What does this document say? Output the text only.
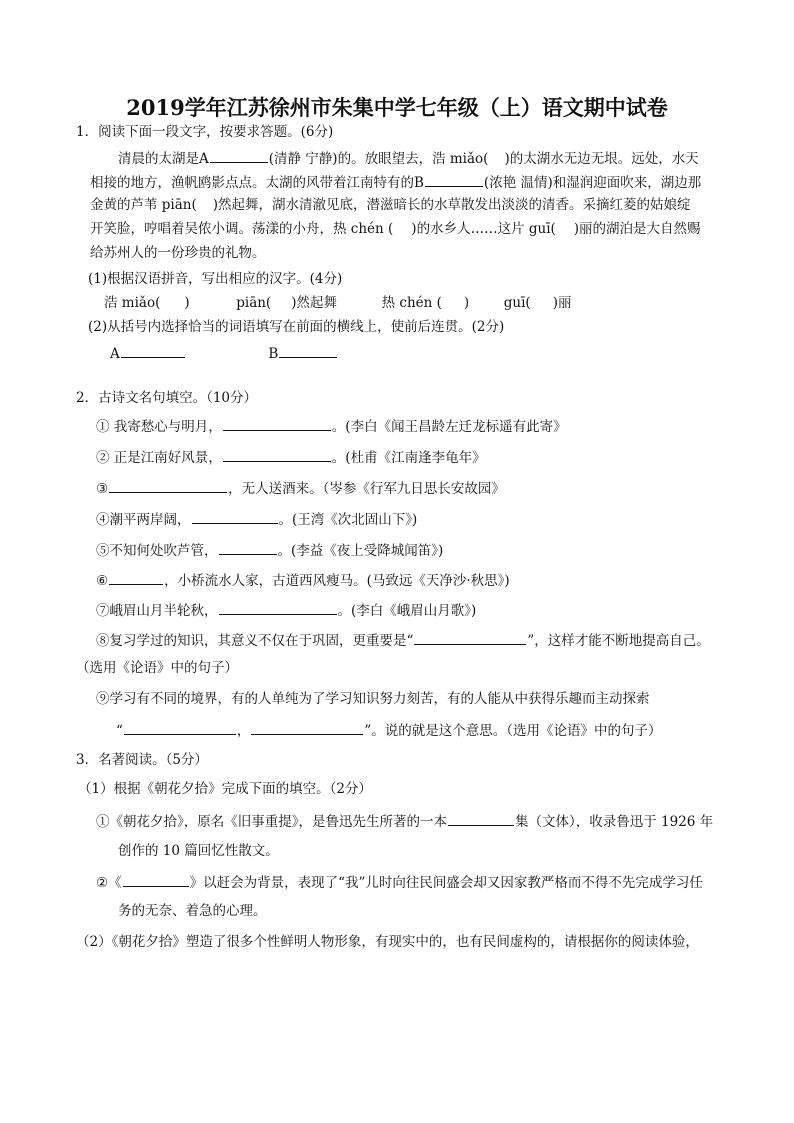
2019学年江苏徐州市朱集中学七年级（上）语文期中试卷
1．阅读下面一段文字，按要求答题。(6分)
清晨的太湖是A	(清静 宁静)的。放眼望去，浩 miǎo( )的太湖水无边无垠。远处，水天
相接的地方，渔帆鸥影点点。太湖的风带着江南特有的B	(浓艳 温情)和湿润迎面吹来，湖边那
金黄的芦苇 piān( )然起舞，湖水清澈见底，潜滋暗长的水草散发出淡淡的清香。采摘红菱的姑娘绽
开笑脸，哼唱着吴侬小调。荡漾的小舟，热 chén ( )的水乡人……这片 guī( )丽的湖泊是大自然赐
给苏州人的一份珍贵的礼物。
(1)根据汉语拼音，写出相应的汉字。(4分)
浩 miǎo( )	piān( )然起舞	热 chén ( )	guī( )丽
(2)从括号内选择恰当的词语填写在前面的横线上，使前后连贯。(2分)
A	B
2．古诗文名句填空。（10分）
① 我寄愁心与明月，	。(李白《闻王昌龄左迁龙标遥有此寄》
② 正是江南好风景，	。(杜甫《江南逢李龟年》
③	，无人送酒来。（岑参《行军九日思长安故园》
④潮平两岸阔，	。(王湾《次北固山下》)
⑤不知何处吹芦管，	。(李益《夜上受降城闻笛》)
⑥	，小桥流水人家，古道西风瘦马。(马致远《天净沙·秋思》)
⑦峨眉山月半轮秋，	。(李白《峨眉山月歌》)
⑧复习学过的知识，其意义不仅在于巩固，更重要是“	”，这样才能不断地提高自己。
（选用《论语》中的句子）
⑨学习有不同的境界，有的人单纯为了学习知识努力刻苦，有的人能从中获得乐趣而主动探索
“	，	”。说的就是这个意思。（选用《论语》中的句子）
3．名著阅读。（5分）
（1）根据《朝花夕拾》完成下面的填空。（2分）
①《朝花夕拾》，原名《旧事重提》，是鲁迅先生所著的一本	集（文体），收录鲁迅于 1926 年
创作的 10 篇回忆性散文。
②《	》以赶会为背景，表现了“我”儿时向往民间盛会却又因家教严格而不得不先完成学习任
务的无奈、着急的心理。
（2）《朝花夕拾》塑造了很多个性鲜明人物形象，有现实中的，也有民间虚构的，请根据你的阅读体验，
